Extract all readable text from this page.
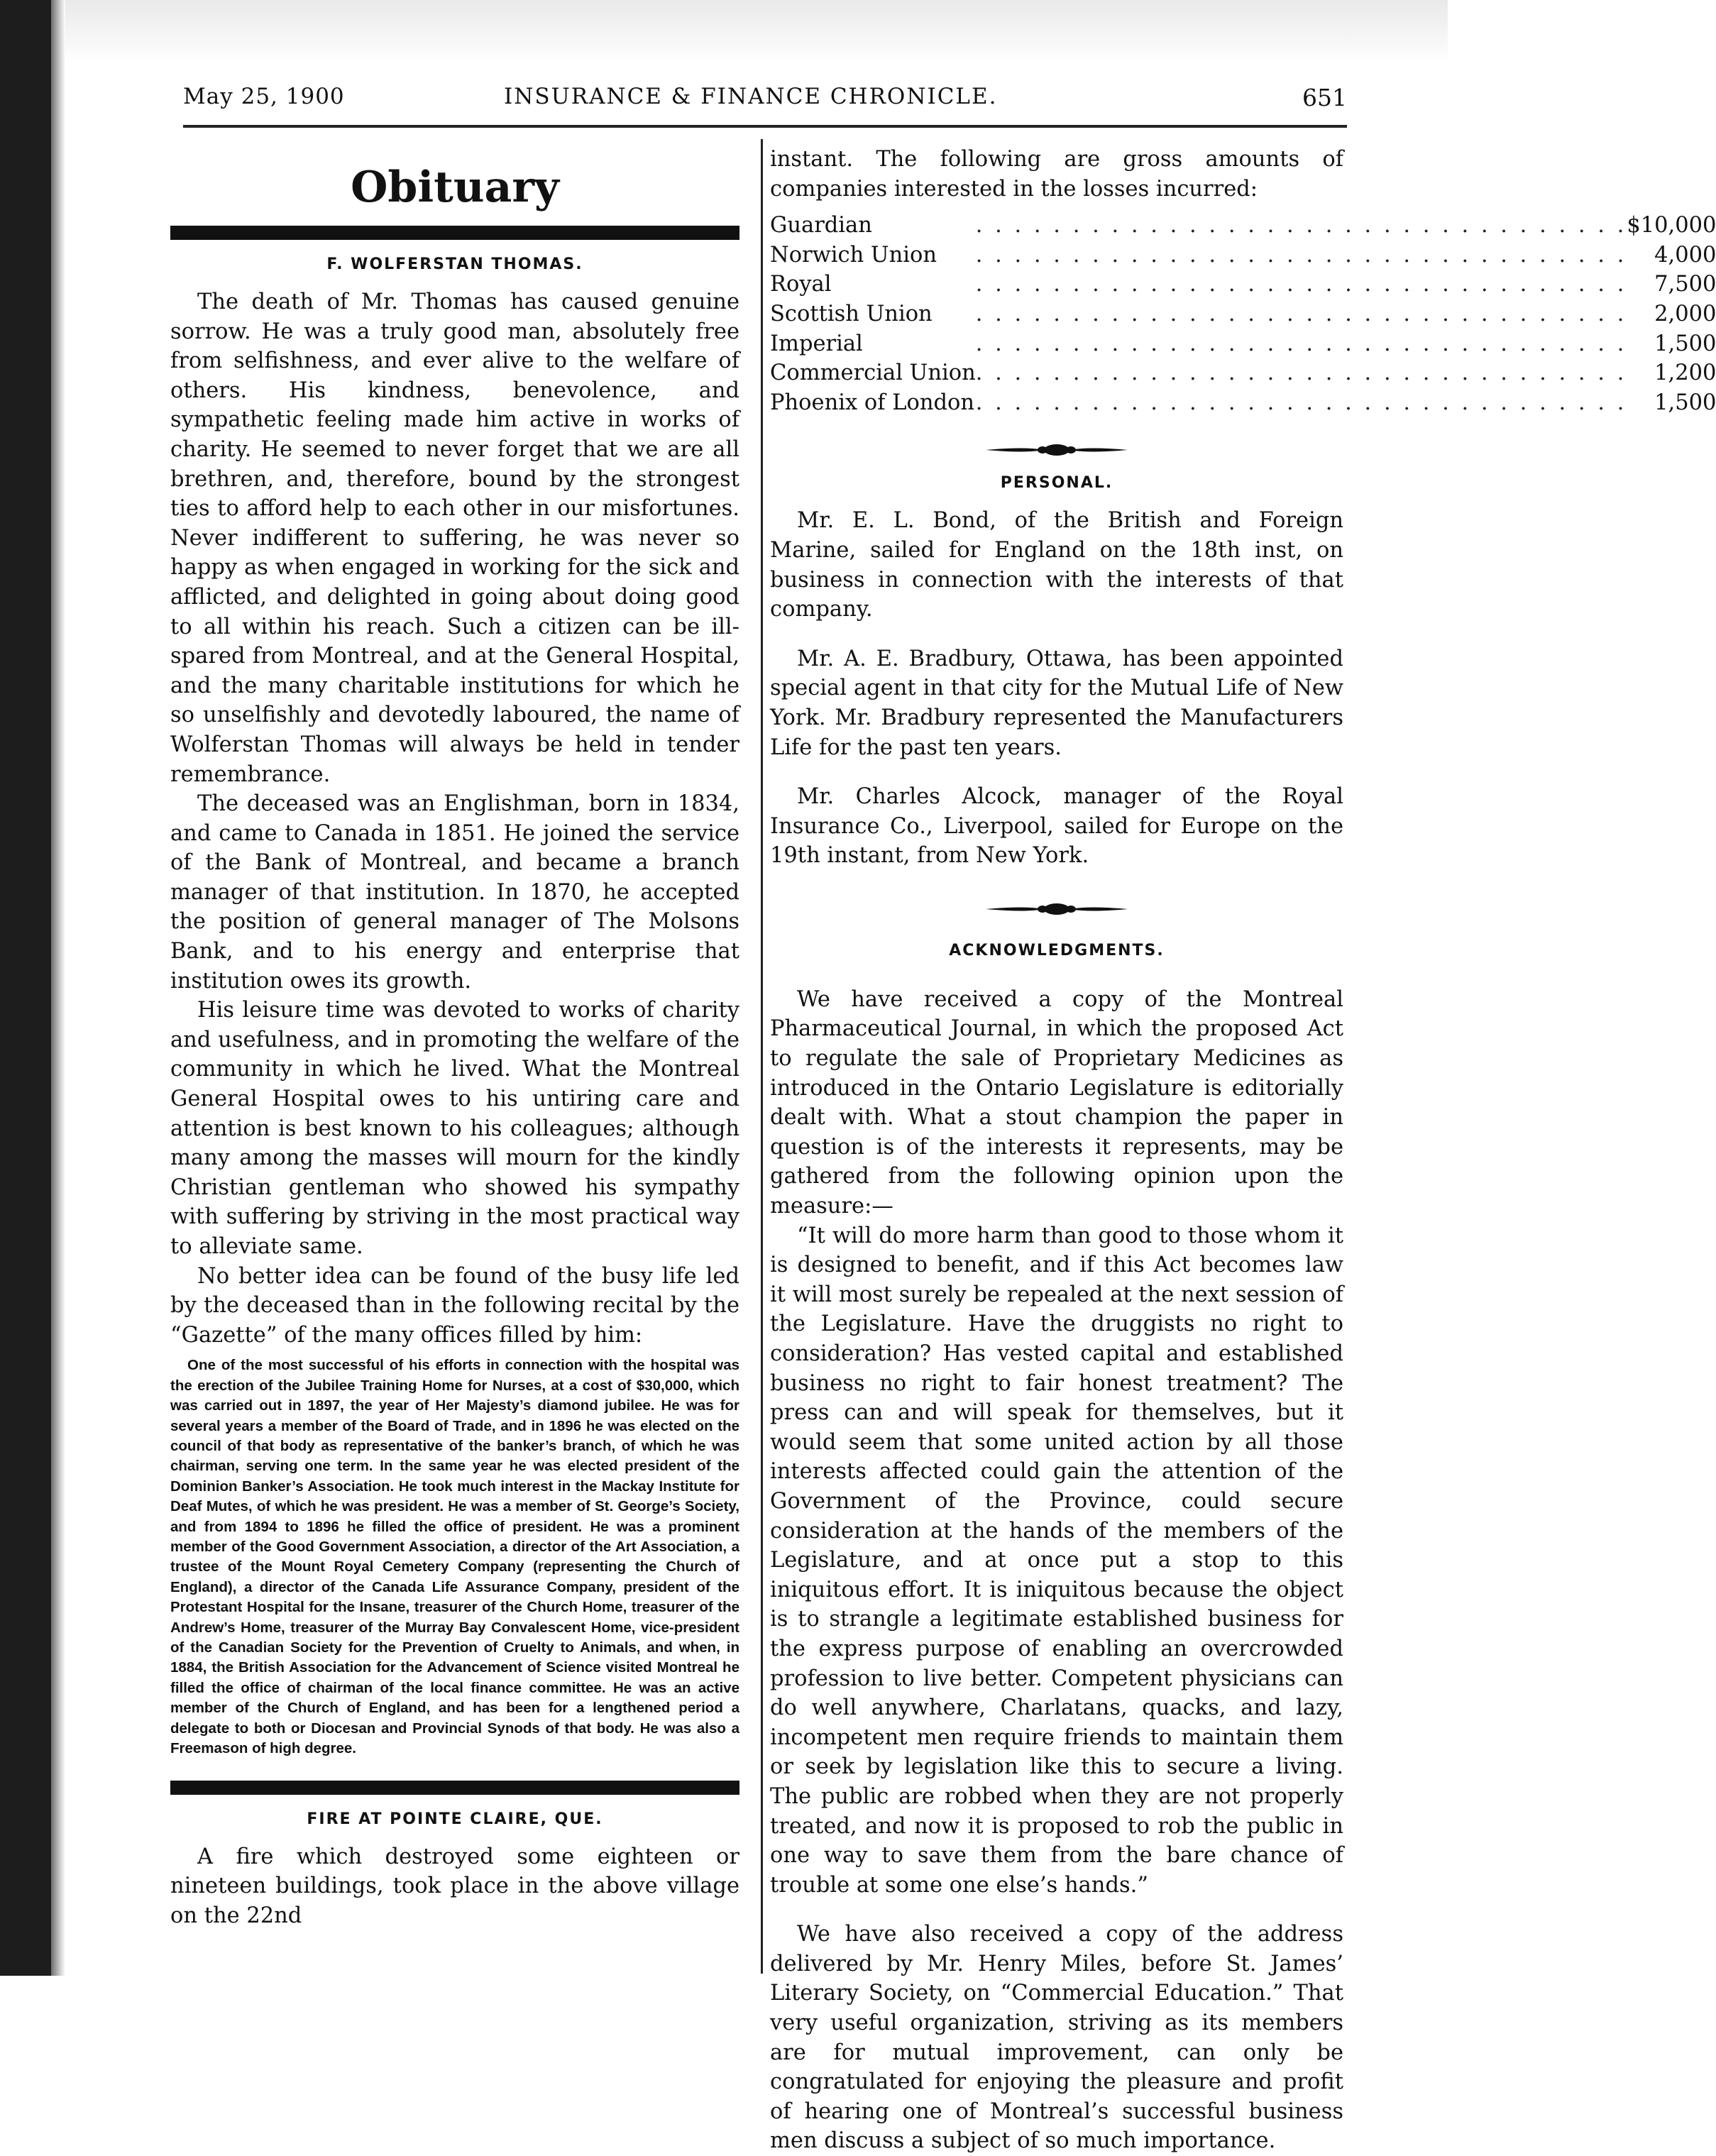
May 25, 1900	INSURANCE & FINANCE CHRONICLE.	651
Obituary
F. WOLFERSTAN THOMAS.

The death of Mr. Thomas has caused genuine sorrow. He was a truly good man, absolutely free from selfishness, and ever alive to the welfare of others. His kindness, benevolence, and sympathetic feeling made him active in works of charity. He seemed to never forget that we are all brethren, and, therefore, bound by the strongest ties to afford help to each other in our misfortunes. Never indifferent to suffering, he was never so happy as when engaged in working for the sick and afflicted, and delighted in going about doing good to all within his reach. Such a citizen can be ill-spared from Montreal, and at the General Hospital, and the many charitable institutions for which he so unselfishly and devotedly laboured, the name of Wolferstan Thomas will always be held in tender remembrance.

The deceased was an Englishman, born in 1834, and came to Canada in 1851. He joined the service of the Bank of Montreal, and became a branch manager of that institution. In 1870, he accepted the position of general manager of The Molsons Bank, and to his energy and enterprise that institution owes its growth.

His leisure time was devoted to works of charity and usefulness, and in promoting the welfare of the community in which he lived. What the Montreal General Hospital owes to his untiring care and attention is best known to his colleagues; although many among the masses will mourn for the kindly Christian gentleman who showed his sympathy with suffering by striving in the most practical way to alleviate same.

No better idea can be found of the busy life led by the deceased than in the following recital by the “Gazette” of the many offices filled by him:

One of the most successful of his efforts in connection with the hospital was the erection of the Jubilee Training Home for Nurses, at a cost of $30,000, which was carried out in 1897, the year of Her Majesty’s diamond jubilee. He was for several years a member of the Board of Trade, and in 1896 he was elected on the council of that body as representative of the banker’s branch, of which he was chairman, serving one term. In the same year he was elected president of the Dominion Banker’s Association. He took much interest in the Mackay Institute for Deaf Mutes, of which he was president. He was a member of St. George’s Society, and from 1894 to 1896 he filled the office of president. He was a prominent member of the Good Government Association, a director of the Art Association, a trustee of the Mount Royal Cemetery Company (representing the Church of England), a director of the Canada Life Assurance Company, president of the Protestant Hospital for the Insane, treasurer of the Church Home, treasurer of the Andrew’s Home, treasurer of the Murray Bay Convalescent Home, vice-president of the Canadian Society for the Prevention of Cruelty to Animals, and when, in 1884, the British Association for the Advancement of Science visited Montreal he filled the office of chairman of the local finance committee. He was an active member of the Church of England, and has been for a lengthened period a delegate to both or Diocesan and Provincial Synods of that body. He was also a Freemason of high degree.

FIRE AT POINTE CLAIRE, QUE.

A fire which destroyed some eighteen or nineteen buildings, took place in the above village on the 22nd

instant. The following are gross amounts of companies interested in the losses incurred:

Guardian	. . . . . . . . . . . . . . . . . . . . . . . . . . . . . . . . . .	$10,000
Norwich Union	. . . . . . . . . . . . . . . . . . . . . . . . . . . . . . . . . .	4,000
Royal	. . . . . . . . . . . . . . . . . . . . . . . . . . . . . . . . . .	7,500
Scottish Union	. . . . . . . . . . . . . . . . . . . . . . . . . . . . . . . . . .	2,000
Imperial	. . . . . . . . . . . . . . . . . . . . . . . . . . . . . . . . . .	1,500
Commercial Union	. . . . . . . . . . . . . . . . . . . . . . . . . . . . . . . . . .	1,200
Phoenix of London	. . . . . . . . . . . . . . . . . . . . . . . . . . . . . . . . . .	1,500
PERSONAL.

Mr. E. L. Bond, of the British and Foreign Marine, sailed for England on the 18th inst, on business in connection with the interests of that company.

Mr. A. E. Bradbury, Ottawa, has been appointed special agent in that city for the Mutual Life of New York. Mr. Bradbury represented the Manufacturers Life for the past ten years.

Mr. Charles Alcock, manager of the Royal Insurance Co., Liverpool, sailed for Europe on the 19th instant, from New York.

ACKNOWLEDGMENTS.

We have received a copy of the Montreal Pharmaceutical Journal, in which the proposed Act to regulate the sale of Proprietary Medicines as introduced in the Ontario Legislature is editorially dealt with. What a stout champion the paper in question is of the interests it represents, may be gathered from the following opinion upon the measure:—

“It will do more harm than good to those whom it is designed to benefit, and if this Act becomes law it will most surely be repealed at the next session of the Legislature. Have the druggists no right to consideration? Has vested capital and established business no right to fair honest treatment? The press can and will speak for themselves, but it would seem that some united action by all those interests affected could gain the attention of the Government of the Province, could secure consideration at the hands of the members of the Legislature, and at once put a stop to this iniquitous effort. It is iniquitous because the object is to strangle a legitimate established business for the express purpose of enabling an overcrowded profession to live better. Competent physicians can do well anywhere, Charlatans, quacks, and lazy, incompetent men require friends to maintain them or seek by legislation like this to secure a living. The public are robbed when they are not properly treated, and now it is proposed to rob the public in one way to save them from the bare chance of trouble at some one else’s hands.”

We have also received a copy of the address delivered by Mr. Henry Miles, before St. James’ Literary Society, on “Commercial Education.” That very useful organization, striving as its members are for mutual improvement, can only be congratulated for enjoying the pleasure and profit of hearing one of Montreal’s successful business men discuss a subject of so much importance.
